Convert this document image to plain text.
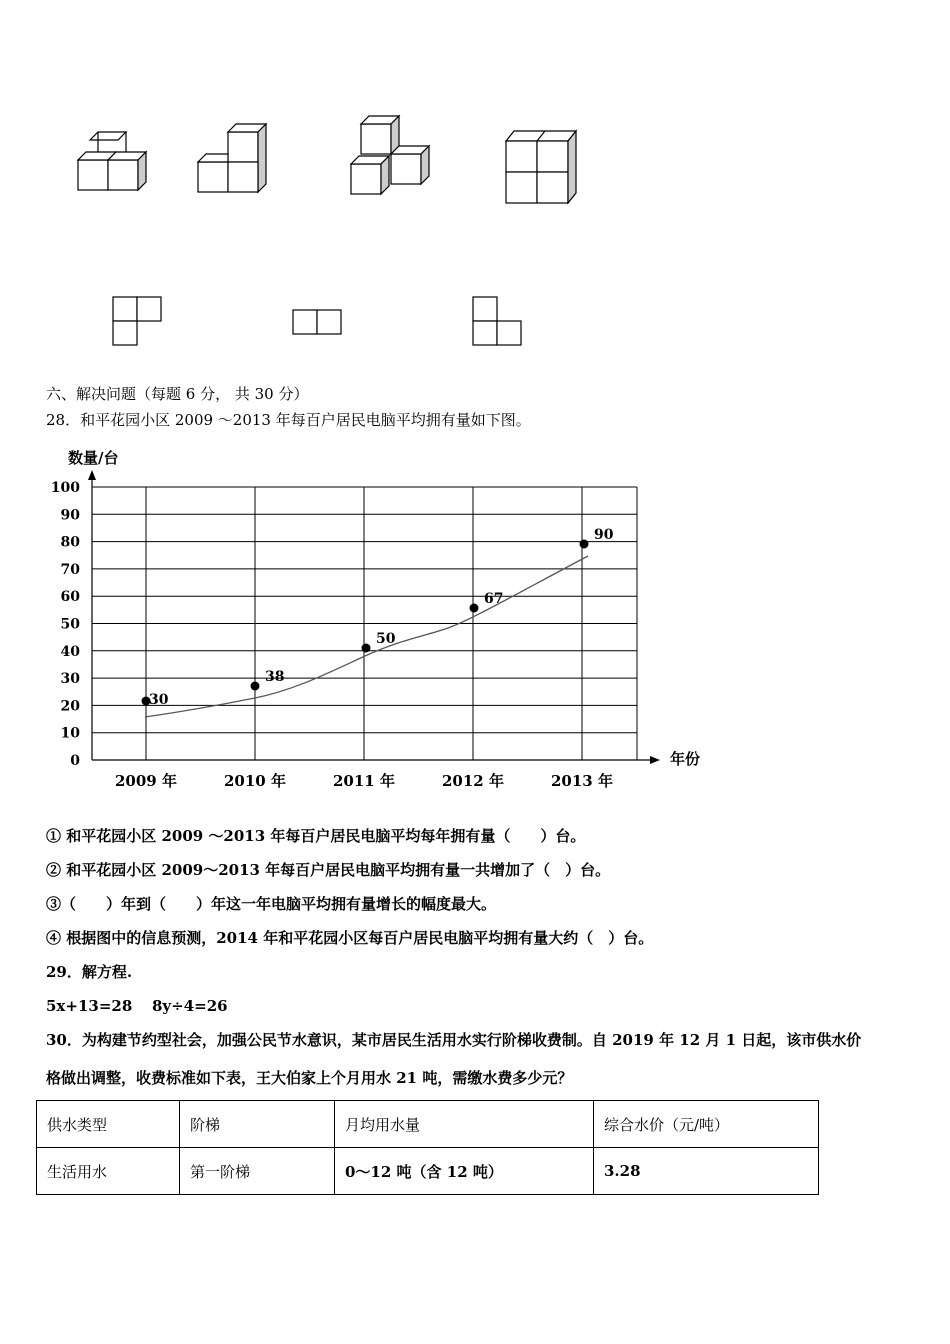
六、解决问题（每题 6 分， 共 30 分）
28．和平花园小区 2009 ～2013 年每百户居民电脑平均拥有量如下图。
数量/台
年份
0
10
20
30
40
50
60
70
80
90
100
2009 年	2010 年	2011 年	2012 年	2013 年
30
38
50
67
90
① 和平花园小区 2009 ～2013 年每百户居民电脑平均每年拥有量（　　）台。
② 和平花园小区 2009～2013 年每百户居民电脑平均拥有量一共增加了（　）台。
③（　　）年到（　　）年这一年电脑平均拥有量增长的幅度最大。
④ 根据图中的信息预测，2014 年和平花园小区每百户居民电脑平均拥有量大约（　）台。
29．解方程.
5x+13=28 8y÷4=26
30．为构建节约型社会，加强公民节水意识，某市居民生活用水实行阶梯收费制。自 2019 年 12 月 1 日起，该市供水价
格做出调整，收费标准如下表，王大伯家上个月用水 21 吨，需缴水费多少元？
供水类型	阶梯	月均用水量	综合水价（元/吨）
生活用水	第一阶梯	0～12 吨（含 12 吨）	3.28
